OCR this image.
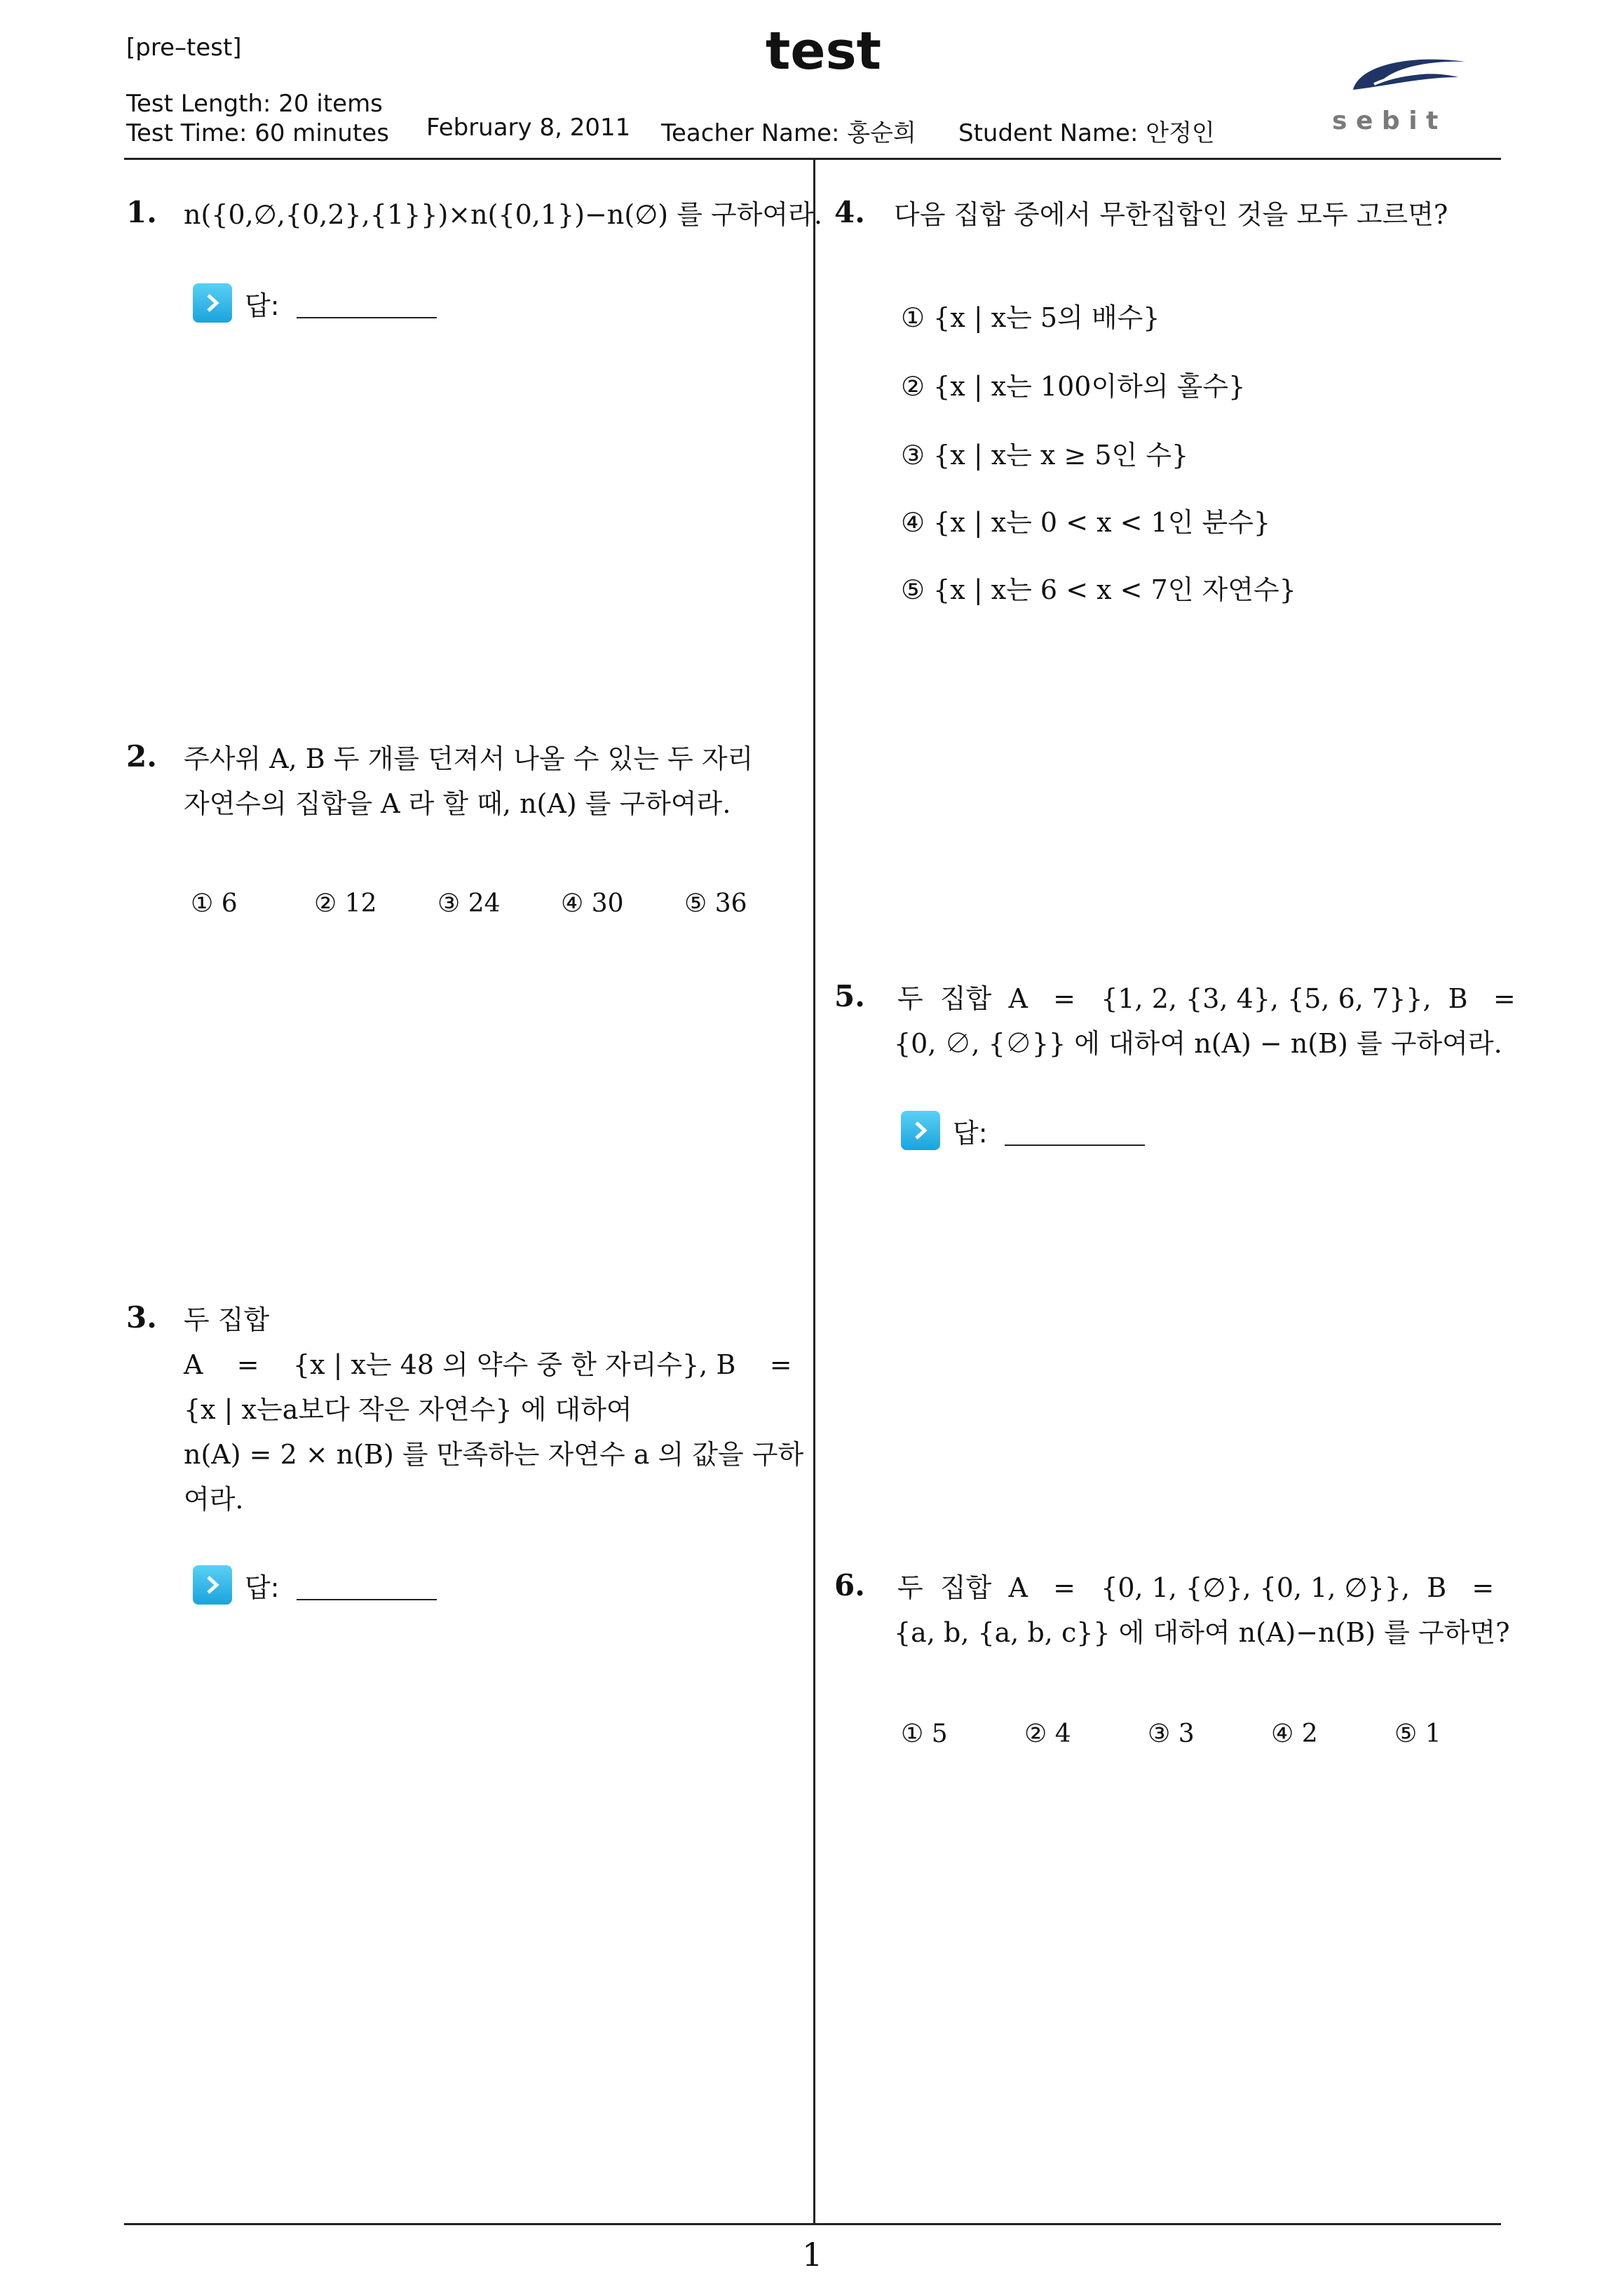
[pre–test]	test
Test Length: 20 items
Test Time: 60 minutes February 8, 2011 Teacher Name: 홍순희 Student Name: 안정인	s e b i t
1. n({0,∅,{0,2},{1}})×n({0,1})−n(∅) 를 구하여라.
답:
2. 주사위 A, B 두 개를 던져서 나올 수 있는 두 자리
자연수의 집합을 A 라 할 때, n(A) 를 구하여라.
① 6	② 12 ③ 24 ④ 30 ⑤ 36
3. 두 집합
A    =    {x | x는 48 의 약수 중 한 자리수}, B    =
{x | x는a보다 작은 자연수} 에 대하여
n(A) = 2 × n(B) 를 만족하는 자연수 a 의 값을 구하
여라.
답:
4. 다음 집합 중에서 무한집합인 것을 모두 고르면?
① {x | x는 5의 배수}
② {x | x는 100이하의 홀수}
③ {x | x는 x ≥ 5인 수}
④ {x | x는 0 < x < 1인 분수}
⑤ {x | x는 6 < x < 7인 자연수}
5. 두  집합  A   =   {1, 2, {3, 4}, {5, 6, 7}},  B   =
{0, ∅, {∅}} 에 대하여 n(A) − n(B) 를 구하여라.
답:
6. 두  집합  A   =   {0, 1, {∅}, {0, 1, ∅}},  B   =
{a, b, {a, b, c}} 에 대하여 n(A)−n(B) 를 구하면?
① 5	② 4	③ 3	④ 2	⑤ 1
1
